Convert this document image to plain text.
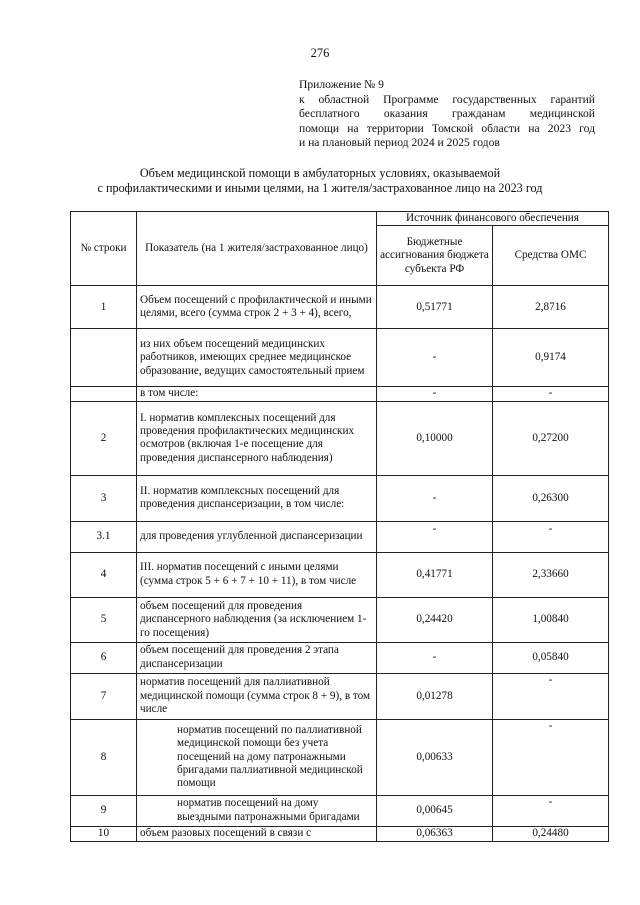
276
Приложение № 9
к областной Программе государственных гарантий
бесплатного оказания гражданам медицинской
помощи на территории Томской области на 2023 год
и на плановый период 2024 и 2025 годов
Объем медицинской помощи в амбулаторных условиях, оказываемой
с профилактическими и иными целями, на 1 жителя/застрахованное лицо на 2023 год
№ строки	Показатель (на 1 жителя/застрахованное лицо)	Источник финансового обеспечения	
		Бюджетные ассигнования бюджета субъекта РФ	Средства ОМС
1	Объем посещений с профилактической и иными целями, всего (сумма строк 2 + 3 + 4), всего,	0,51771	2,8716
	из них объем посещений медицинских работников, имеющих среднее медицинское образование, ведущих самостоятельный прием	-	0,9174
	в том числе:	-	-
2	I. норматив комплексных посещений для проведения профилактических медицинских осмотров (включая 1-е посещение для проведения диспансерного наблюдения)	0,10000	0,27200
3	II. норматив комплексных посещений для проведения диспансеризации, в том числе:	-	0,26300
3.1	для проведения углубленной диспансеризации	-	-
4	III. норматив посещений с иными целями (сумма строк 5 + 6 + 7 + 10 + 11), в том числе	0,41771	2,33660
5	объем посещений для проведения диспансерного наблюдения (за исключением 1-го посещения)	0,24420	1,00840
6	объем посещений для проведения 2 этапа диспансеризации	-	0,05840
7	норматив посещений для паллиативной медицинской помощи (сумма строк 8 + 9), в том числе	0,01278	-
8	норматив посещений по паллиативной медицинской помощи без учета посещений на дому патронажными бригадами паллиативной медицинской помощи	0,00633	-
9	норматив посещений на дому выездными патронажными бригадами	0,00645	-
10	объем разовых посещений в связи с	0,06363	0,24480
